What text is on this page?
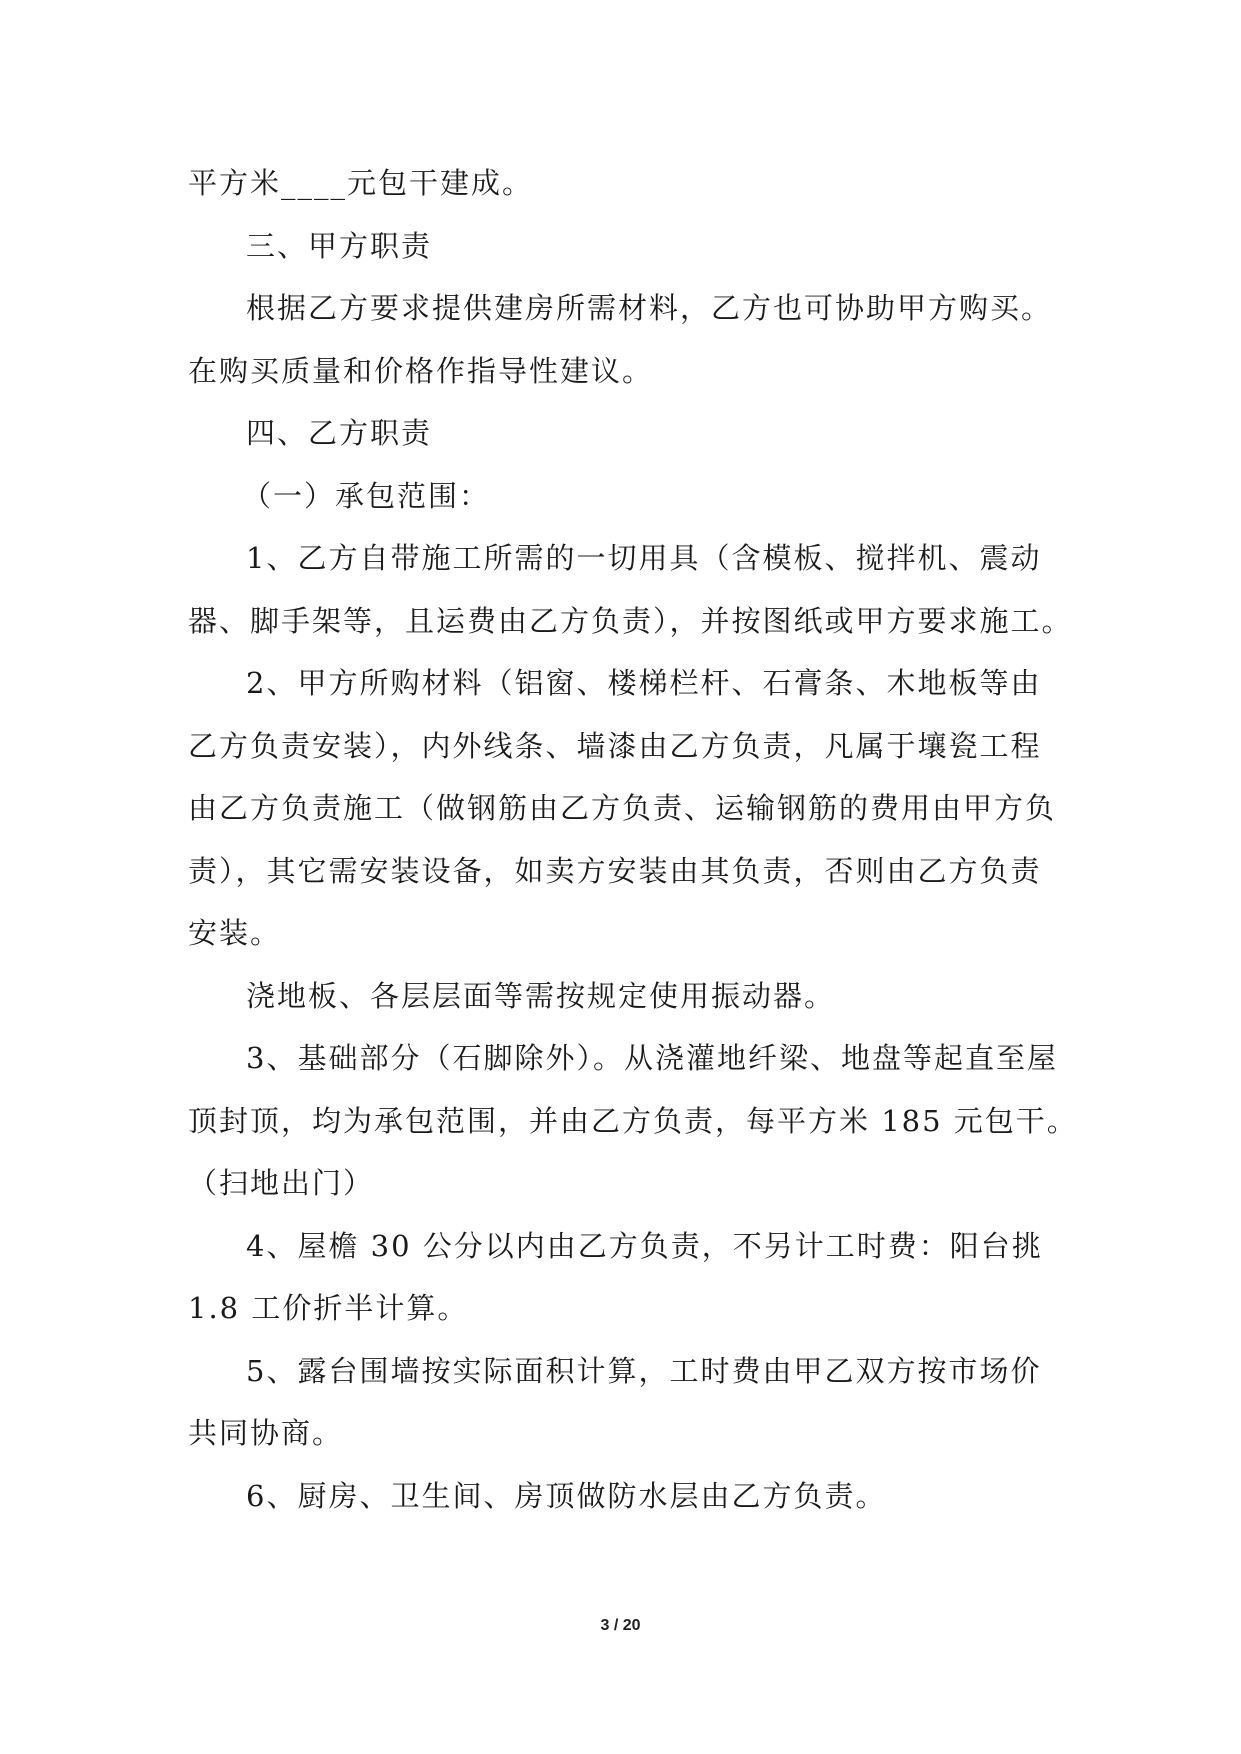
平方米____元包干建成。

三、甲方职责

根据乙方要求提供建房所需材料，乙方也可协助甲方购买。

在购买质量和价格作指导性建议。

四、乙方职责

（一）承包范围：

1、乙方自带施工所需的一切用具（含模板、搅拌机、震动

器、脚手架等，且运费由乙方负责），并按图纸或甲方要求施工。

2、甲方所购材料（铝窗、楼梯栏杆、石膏条、木地板等由

乙方负责安装），内外线条、墙漆由乙方负责，凡属于壤瓷工程

由乙方负责施工（做钢筋由乙方负责、运输钢筋的费用由甲方负

责），其它需安装设备，如卖方安装由其负责，否则由乙方负责

安装。

浇地板、各层层面等需按规定使用振动器。

3、基础部分（石脚除外）。从浇灌地纤梁、地盘等起直至屋

顶封顶，均为承包范围，并由乙方负责，每平方米 185 元包干。

（扫地出门）

4、屋檐 30 公分以内由乙方负责，不另计工时费：阳台挑

1.8 工价折半计算。

5、露台围墙按实际面积计算，工时费由甲乙双方按市场价

共同协商。

6、厨房、卫生间、房顶做防水层由乙方负责。

3 / 20
